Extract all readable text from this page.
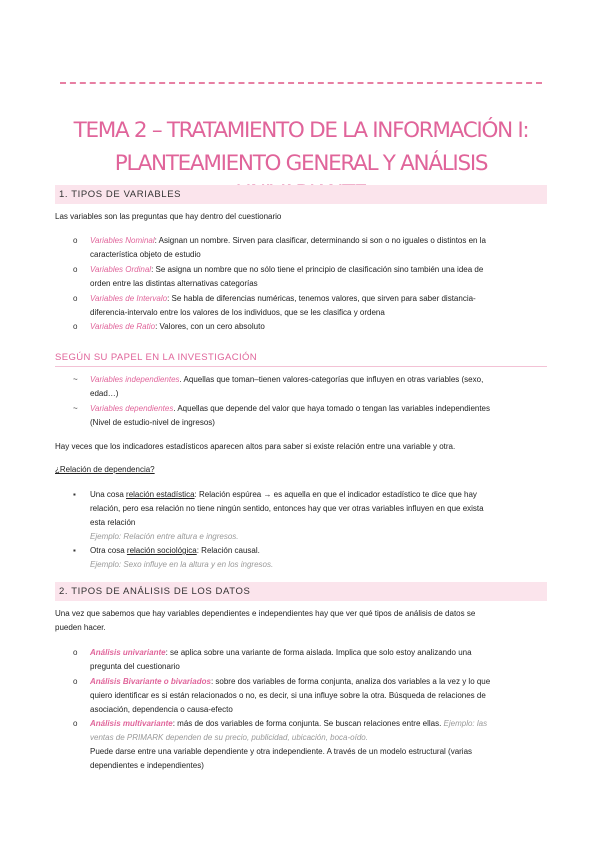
TEMA 2 – TRATAMIENTO DE LA INFORMACIÓN I:
PLANTEAMIENTO GENERAL Y ANÁLISIS
1. TIPOS DE VARIABLES
Las variables son las preguntas que hay dentro del cuestionario
o Variables Nominal: Asignan un nombre. Sirven para clasificar, determinando si son o no iguales o distintos en la
característica objeto de estudio
o Variables Ordinal: Se asigna un nombre que no sólo tiene el principio de clasificación sino también una idea de
orden entre las distintas alternativas categorías
o Variables de Intervalo: Se habla de diferencias numéricas, tenemos valores, que sirven para saber distancia-
diferencia-intervalo entre los valores de los individuos, que se les clasifica y ordena
o Variables de Ratio: Valores, con un cero absoluto
SEGÚN SU PAPEL EN LA INVESTIGACIÓN
~ Variables independientes. Aquellas que toman–tienen valores-categorías que influyen en otras variables (sexo,
edad…)
~ Variables dependientes. Aquellas que depende del valor que haya tomado o tengan las variables independientes
(Nivel de estudio-nivel de ingresos)
Hay veces que los indicadores estadísticos aparecen altos para saber si existe relación entre una variable y otra.
¿Relación de dependencia?
▪ Una cosa relación estadística: Relación espúrea → es aquella en que el indicador estadístico te dice que hay
relación, pero esa relación no tiene ningún sentido, entonces hay que ver otras variables influyen en que exista
esta relación
Ejemplo: Relación entre altura e ingresos.
▪ Otra cosa relación sociológica: Relación causal.
Ejemplo: Sexo influye en la altura y en los ingresos.
2. TIPOS DE ANÁLISIS DE LOS DATOS
Una vez que sabemos que hay variables dependientes e independientes hay que ver qué tipos de análisis de datos se
pueden hacer.
o Análisis univariante: se aplica sobre una variante de forma aislada. Implica que solo estoy analizando una
pregunta del cuestionario
o Análisis Bivariante o bivariados: sobre dos variables de forma conjunta, analiza dos variables a la vez y lo que
quiero identificar es si están relacionados o no, es decir, si una influye sobre la otra. Búsqueda de relaciones de
asociación, dependencia o causa-efecto
o Análisis multivariante: más de dos variables de forma conjunta. Se buscan relaciones entre ellas. Ejemplo: las
ventas de PRIMARK dependen de su precio, publicidad, ubicación, boca-oído.
Puede darse entre una variable dependiente y otra independiente. A través de un modelo estructural (varias
dependientes e independientes)
